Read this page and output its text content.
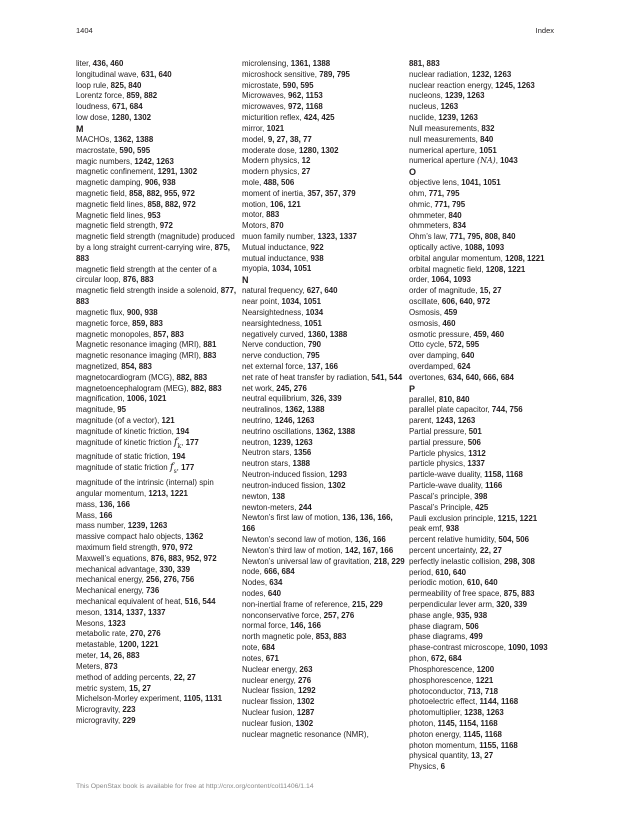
1404	Index
liter, 436, 460
longitudinal wave, 631, 640
loop rule, 825, 840
Lorentz force, 859, 882
loudness, 671, 684
low dose, 1280, 1302
M
MACHOs, 1362, 1388
macrostate, 590, 595
magic numbers, 1242, 1263
magnetic confinement, 1291, 1302
magnetic damping, 906, 938
magnetic field, 858, 882, 955, 972
magnetic field lines, 858, 882, 972
Magnetic field lines, 953
magnetic field strength, 972
magnetic field strength (magnitude) produced by a long straight current-carrying wire, 875, 883
magnetic field strength at the center of a circular loop, 876, 883
magnetic field strength inside a solenoid, 877, 883
magnetic flux, 900, 938
magnetic force, 859, 883
magnetic monopoles, 857, 883
Magnetic resonance imaging (MRI), 881
magnetic resonance imaging (MRI), 883
magnetized, 854, 883
magnetocardiogram (MCG), 882, 883
magnetoencephalogram (MEG), 882, 883
magnification, 1006, 1021
magnitude, 95
magnitude (of a vector), 121
magnitude of kinetic friction, 194
magnitude of kinetic friction $f_k$, 177
magnitude of static friction, 194
magnitude of static friction $f_s$, 177
magnitude of the intrinsic (internal) spin angular momentum, 1213, 1221
mass, 136, 166
Mass, 166
mass number, 1239, 1263
massive compact halo objects, 1362
maximum field strength, 970, 972
Maxwell’s equations, 876, 883, 952, 972
mechanical advantage, 330, 339
mechanical energy, 256, 276, 756
Mechanical energy, 736
mechanical equivalent of heat, 516, 544
meson, 1314, 1337, 1337
Mesons, 1323
metabolic rate, 270, 276
metastable, 1200, 1221
meter, 14, 26, 883
Meters, 873
method of adding percents, 22, 27
metric system, 15, 27
Michelson-Morley experiment, 1105, 1131
Microgravity, 223
microgravity, 229
microlensing, 1361, 1388
microshock sensitive, 789, 795
microstate, 590, 595
Microwaves, 962, 1153
microwaves, 972, 1168
micturition reflex, 424, 425
mirror, 1021
model, 9, 27, 38, 77
moderate dose, 1280, 1302
Modern physics, 12
modern physics, 27
mole, 488, 506
moment of inertia, 357, 357, 379
motion, 106, 121
motor, 883
Motors, 870
muon family number, 1323, 1337
Mutual inductance, 922
mutual inductance, 938
myopia, 1034, 1051
N
natural frequency, 627, 640
near point, 1034, 1051
Nearsightedness, 1034
nearsightedness, 1051
negatively curved, 1360, 1388
Nerve conduction, 790
nerve conduction, 795
net external force, 137, 166
net rate of heat transfer by radiation, 541, 544
net work, 245, 276
neutral equilibrium, 326, 339
neutralinos, 1362, 1388
neutrino, 1246, 1263
neutrino oscillations, 1362, 1388
neutron, 1239, 1263
Neutron stars, 1356
neutron stars, 1388
Neutron-induced fission, 1293
neutron-induced fission, 1302
newton, 138
newton-meters, 244
Newton’s first law of motion, 136, 136, 166, 166
Newton’s second law of motion, 136, 166
Newton’s third law of motion, 142, 167, 166
Newton’s universal law of gravitation, 218, 229
node, 666, 684
Nodes, 634
nodes, 640
non-inertial frame of reference, 215, 229
nonconservative force, 257, 276
normal force, 146, 166
north magnetic pole, 853, 883
note, 684
notes, 671
Nuclear energy, 263
nuclear energy, 276
Nuclear fission, 1292
nuclear fission, 1302
Nuclear fusion, 1287
nuclear fusion, 1302
nuclear magnetic resonance (NMR),
881, 883
nuclear radiation, 1232, 1263
nuclear reaction energy, 1245, 1263
nucleons, 1239, 1263
nucleus, 1263
nuclide, 1239, 1263
Null measurements, 832
null measurements, 840
numerical aperture, 1051
numerical aperture (NA), 1043
O
objective lens, 1041, 1051
ohm, 771, 795
ohmic, 771, 795
ohmmeter, 840
ohmmeters, 834
Ohm’s law, 771, 795, 808, 840
optically active, 1088, 1093
orbital angular momentum, 1208, 1221
orbital magnetic field, 1208, 1221
order, 1064, 1093
order of magnitude, 15, 27
oscillate, 606, 640, 972
Osmosis, 459
osmosis, 460
osmotic pressure, 459, 460
Otto cycle, 572, 595
over damping, 640
overdamped, 624
overtones, 634, 640, 666, 684
P
parallel, 810, 840
parallel plate capacitor, 744, 756
parent, 1243, 1263
Partial pressure, 501
partial pressure, 506
Particle physics, 1312
particle physics, 1337
particle-wave duality, 1158, 1168
Particle-wave duality, 1166
Pascal’s principle, 398
Pascal’s Principle, 425
Pauli exclusion principle, 1215, 1221
peak emf, 938
percent relative humidity, 504, 506
percent uncertainty, 22, 27
perfectly inelastic collision, 298, 308
period, 610, 640
periodic motion, 610, 640
permeability of free space, 875, 883
perpendicular lever arm, 320, 339
phase angle, 935, 938
phase diagram, 506
phase diagrams, 499
phase-contrast microscope, 1090, 1093
phon, 672, 684
Phosphorescence, 1200
phosphorescence, 1221
photoconductor, 713, 718
photoelectric effect, 1144, 1168
photomultiplier, 1238, 1263
photon, 1145, 1154, 1168
photon energy, 1145, 1168
photon momentum, 1155, 1168
physical quantity, 13, 27
Physics, 6
This OpenStax book is available for free at http://cnx.org/content/col11406/1.14
